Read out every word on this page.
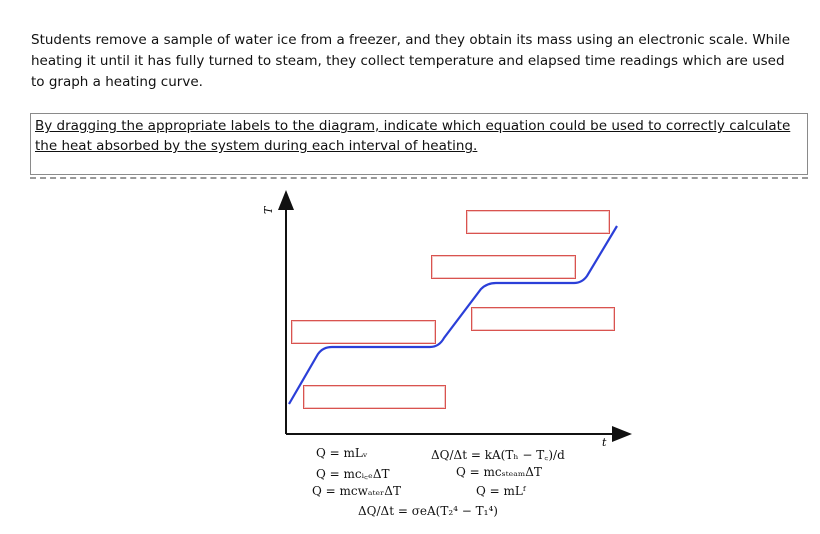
Students remove a sample of water ice from a freezer, and they obtain its mass using an electronic scale. While heating it until it has fully turned to steam, they collect temperature and elapsed time readings which are used to graph a heating curve.
By dragging the appropriate labels to the diagram, indicate which equation could be used to correctly calculate the heat absorbed by the system during each interval of heating.
T
t
Q = mLᵥ
Q = mcᵢ꜀ₑΔT
Q = mcᴡₐₜₑᵣΔT
ΔQ/Δt = kA(Tₕ − T꜀)/d
Q = mcₛₜₑₐₘΔT
Q = mLᶠ
ΔQ/Δt = σeA(T₂⁴ − T₁⁴)
